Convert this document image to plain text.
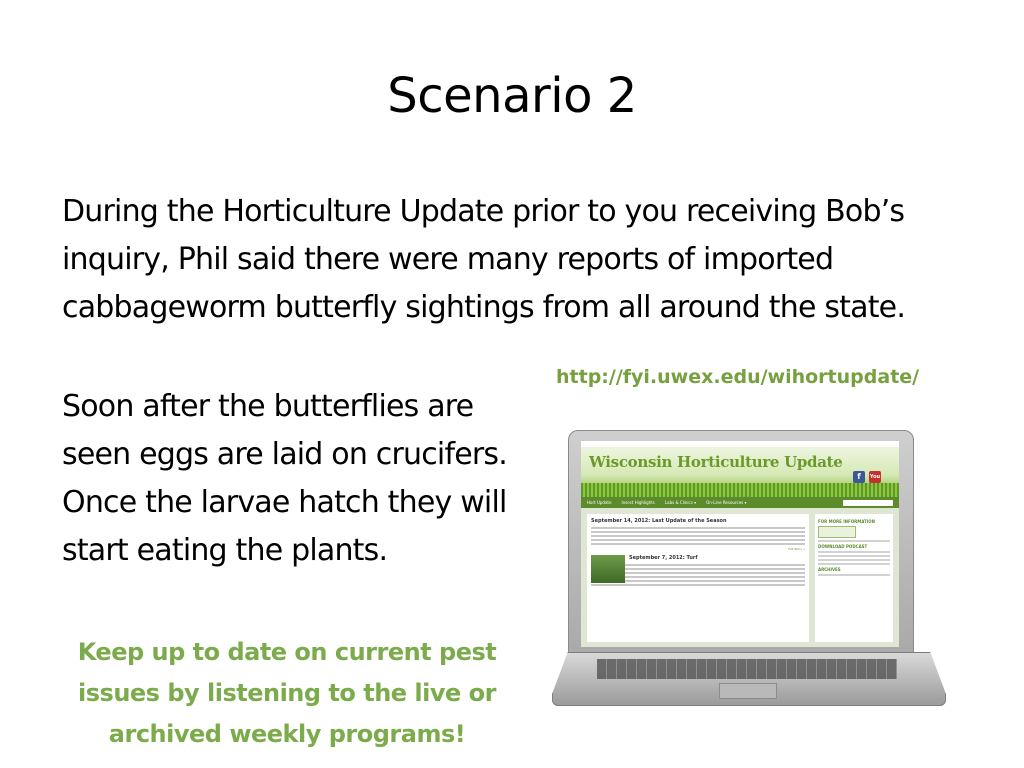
Scenario 2

During the Horticulture Update prior to you receiving Bob’s inquiry, Phil said there were many reports of imported cabbageworm butterfly sightings from all around the state.

http://fyi.uwex.edu/wihortupdate/

Soon after the butterflies are seen eggs are laid on crucifers. Once the larvae hatch they will start eating the plants.

Keep up to date on current pest issues by listening to the live or archived weekly programs!

Wisconsin Horticulture Update
f	You
Hort Update	Insect Highlights	Labs & Clinics ▾	On-Line Resources ▾
September 14, 2012: Last Update of the Season
Full Story »
September 7, 2012: Turf
FOR MORE INFORMATION
DOWNLOAD PODCAST
ARCHIVES
